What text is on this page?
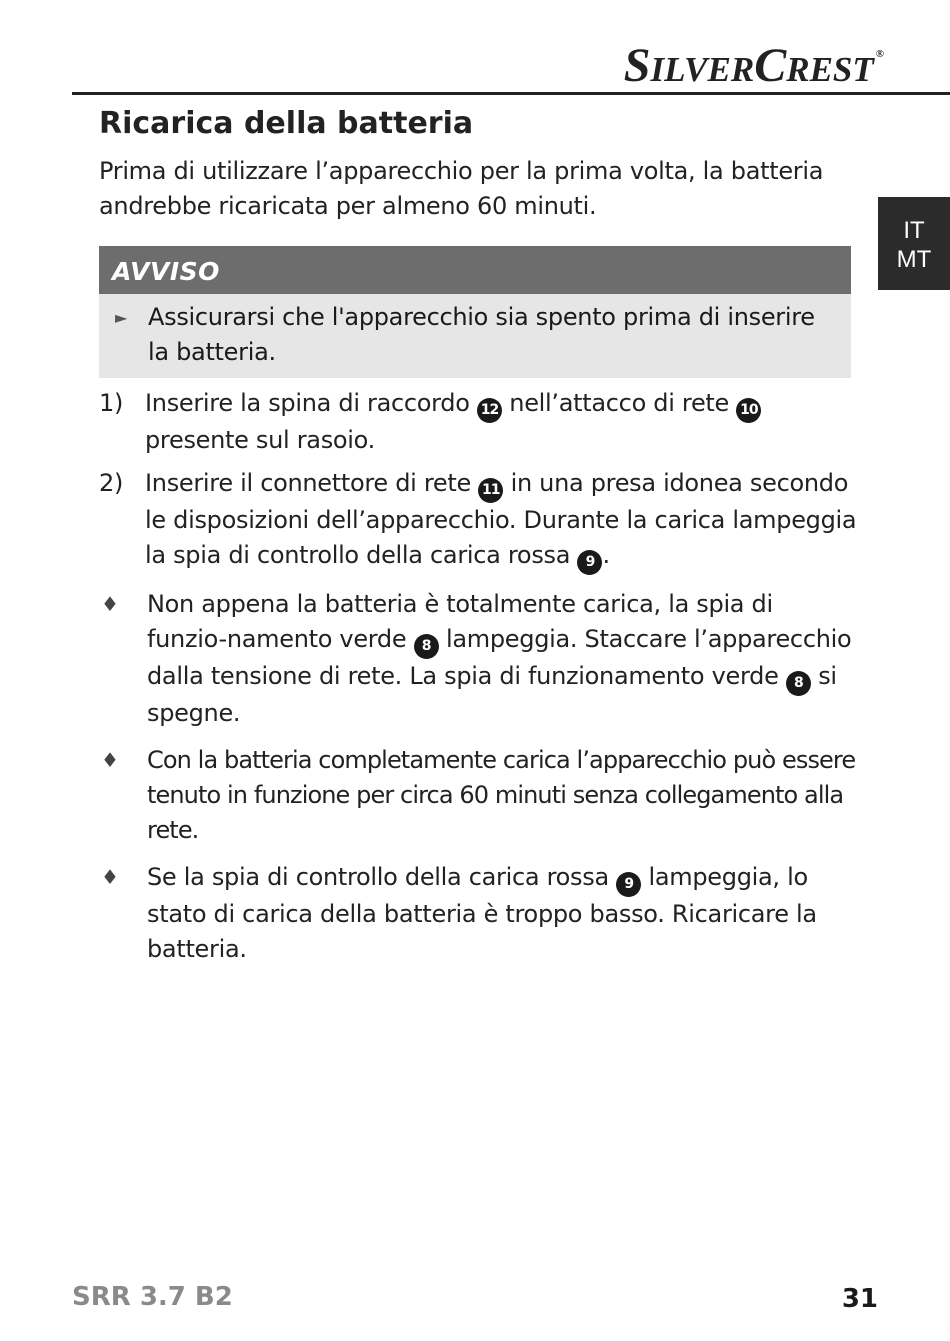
SILVERCREST ®
IT
MT
Ricarica della batteria

Prima di utilizzare l’apparecchio per la prima volta, la batteria andrebbe ricaricata per almeno 60 minuti.

AVVISO
► Assicurarsi che l'apparecchio sia spento prima di inserire la batteria.
1) Inserire la spina di raccordo 12 nell’attacco di rete 10 presente sul rasoio.
2) Inserire il connettore di rete 11 in una presa idonea secondo le disposizioni dell’apparecchio. Durante la carica lampeggia la spia di controllo della carica rossa 9 .
♦	Non appena la batteria è totalmente carica, la spia di funzio-namento verde 8 lampeggia. Staccare l’apparecchio dalla tensione di rete. La spia di funzionamento verde 8 si spegne.
♦	Con la batteria completamente carica l’apparecchio può essere tenuto in funzione per circa 60 minuti senza collegamento alla rete.
♦	Se la spia di controllo della carica rossa 9 lampeggia, lo stato di carica della batteria è troppo basso. Ricaricare la batteria.
SRR 3.7 B2	31
